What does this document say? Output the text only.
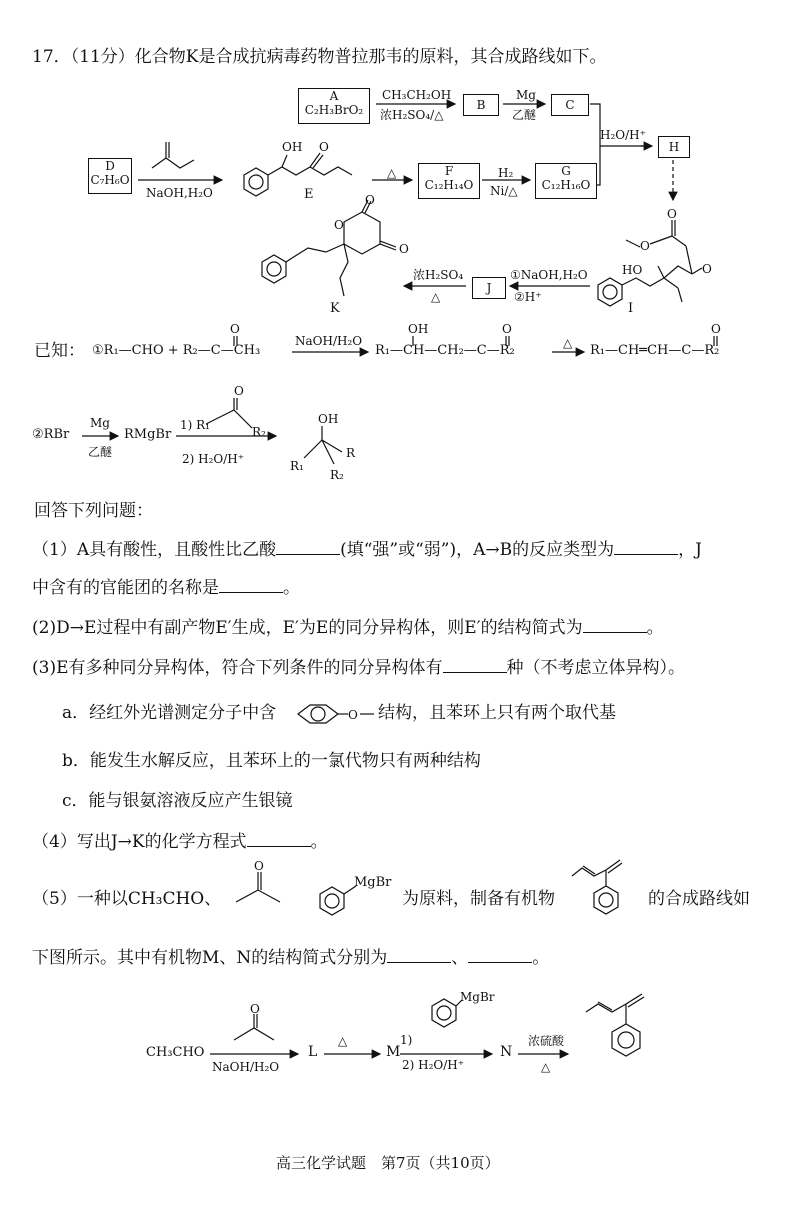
17．（11分）化合物K是合成抗病毒药物普拉那韦的原料，其合成路线如下。
A
C₂H₃BrO₂
CH₃CH₂OH
浓H₂SO₄/△
B
Mg
乙醚
C
H₂O/H⁺
H
D
C₇H₆O
NaOH,H₂O	E
OH O
△	F
C₁₂H₁₄O
H₂
Ni/△
G
C₁₂H₁₆O
O
O
HO	O
I
①NaOH,H₂O
②H⁺
J
浓H₂SO₄
△
O
O
O
K
已知： ①R₁—CHO + R₂—C—CH₃
O
NaOH/H₂O
R₁—CH—CH₂—C—R₂
OH	O
△ R₁—CH═CH—C—R₂
O
②RBr
Mg
乙醚
RMgBr
1) R₁	R₂
O
2) H₂O/H⁺
OH
R
R₁
R₂
回答下列问题：
（1）A具有酸性，且酸性比乙酸	(填“强”或“弱”)，A→B的反应类型为	，J
中含有的官能团的名称是	。
(2)D→E过程中有副产物E′生成，E′为E的同分异构体，则E′的结构简式为	。
(3)E有多种同分异构体，符合下列条件的同分异构体有	种（不考虑立体异构）。
a．经红外光谱测定分子中含	结构，且苯环上只有两个取代基
b．能发生水解反应，且苯环上的一氯代物只有两种结构
c．能与银氨溶液反应产生银镜
（4）写出J→K的化学方程式	。
（5）一种以CH₃CHO、
MgBr
为原料，制备有机物	的合成路线如
下图所示。其中有机物M、N的结构简式分别为	、	。
CH₃CHO
O
NaOH/H₂O
L
△
M
1)
MgBr
2) H₂O/H⁺
N
浓硫酸
△
高三化学试题　第7页（共10页）
O
O
